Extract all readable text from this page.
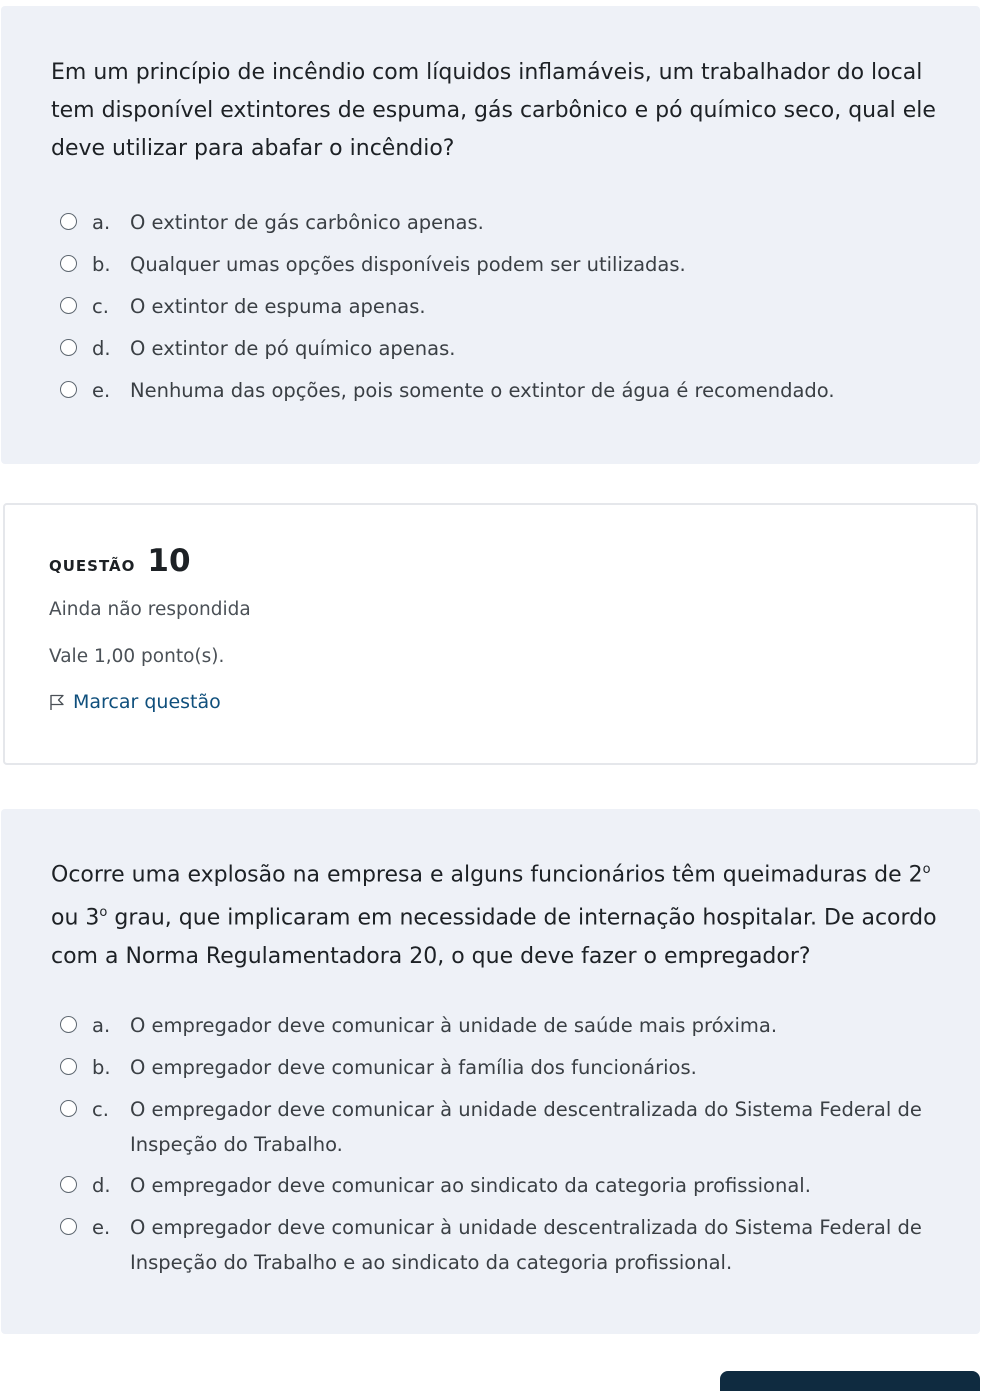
Em um princípio de incêndio com líquidos inflamáveis, um trabalhador do local tem disponível extintores de espuma, gás carbônico e pó químico seco, qual ele deve utilizar para abafar o incêndio?

a.	O extintor de gás carbônico apenas.
b. Qualquer umas opções disponíveis podem ser utilizadas.
c.	O extintor de espuma apenas.
d. O extintor de pó químico apenas.
e.	Nenhuma das opções, pois somente o extintor de água é recomendado.
questão 10
Ainda não respondida
Vale 1,00 ponto(s).
Marcar questão

Ocorre uma explosão na empresa e alguns funcionários têm queimaduras de 2$^o$ ou 3$^o$ grau, que implicaram em necessidade de internação hospitalar. De acordo com a Norma Regulamentadora 20, o que deve fazer o empregador?

a.	O empregador deve comunicar à unidade de saúde mais próxima.
b. O empregador deve comunicar à família dos funcionários.
c.	O empregador deve comunicar à unidade descentralizada do Sistema Federal de Inspeção do Trabalho.
d. O empregador deve comunicar ao sindicato da categoria profissional.
e.	O empregador deve comunicar à unidade descentralizada do Sistema Federal de Inspeção do Trabalho e ao sindicato da categoria profissional.
